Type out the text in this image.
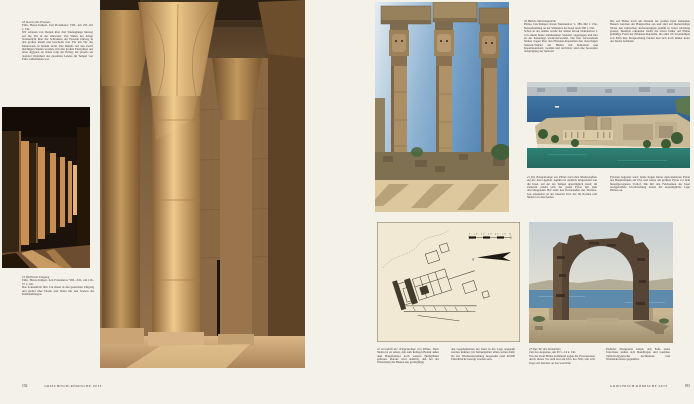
18 Inneres des Pronaos
Edfu, Horus-Tempel, Zeit Ptolemaios' VIII., um 150–116 v. Chr.
Wir schauen von Westen über drei Säulengänge hinweg auf die Tür in der Ostwand. Von Süden her dringt Sonnenlicht über die Schranken der Fassade hinweg in den großen Raum und bescheint dort Tür um Tür das Mauerwerk in hellem Licht. Die Reliefs auf den zwölf mächtigen Säulen wenden sich den großen Festzyklen des alten Ägypten zu; ihnen folgt der König, der jeweils als oberster Opferherr des gesamten Landes im Tempel von Edfu willkommen war.
19 Westlicher Umgang
Edfu, Horus-Tempel, Zeit Ptolemaios' VIII.–XII., um 116–57 v. Chr.
Das Sonnenlicht fällt von Osten in den gedeckten Umgang und gleitet über Decke und Wand mit den Szenen der Kulthandlungen.
192	GRIECHISCH-RÖMISCHE ZEIT
20 Hathor-Säulenkapitelle
Philae, Isis-Tempel, Kiosk Nektanebos' I., 380–362 v. Chr., Neuaufstellung an der Südspitze der Insel nach 300 v. Chr.
Schon in der Antike wurde der kleine Kiosk Nektanebos' I. von einem heute unbekannten Standort abgetragen und hier an der Kaianlage wiederverwendet. Die hier verwendeten Säulen tragen über den Pflanzen-Kapitellen den viereckigen Sistrum-Würfel der Hathor mit Kuhohren und Kapellenaufsatz; Gesims und Architrav sind eine besondere Ausprägung der Spätzeit.
Die auf Philae noch am Ostrand der großen Insel stehenden Bauten weichen der Hauptachse aus und sind auf merkwürdige Weise den kultischen Anforderungen gemäß in freier Ordnung gesetzt. Deutlich erkennbar bleibt die schon früher auf Philae geläufige Form der Pflanzen-Kapitelle, die einst im Stromtempel von Edfu ihre Entsprechung fanden und sich noch immer unter der Decke befinden.
21 Die Tempelanlage von Philae nach dem Wiederaufbau auf der Insel Agilkia. Agilkia ist deutlich umgestaltet wie die Insel, auf der der Tempel ursprünglich stand; im Zentrum erhebt sich der große Pylon mit dem davorliegenden Hof samt den Kolonnaden des Dromos. Gut erkennbar ist der innerste Teil, der im Norden und Süden von den beiden
Pylonen begrenzt wird; beide liegen hinter dem kleineren Pylon des Haupttempels am Ufer und weiter am größten Pylon vor dem hinaufgezogenen Vorhof. Die mit den Feldsteinen der Insel nachgebildete Uferböschung deutet die ursprüngliche Lage Philaes an.
0 10 20 30 40 50 m
N
22 Grundriß der Tempelanlage von Philae. Nach Süden ist zu sehen, daß zum heiligen Bezirk außer dem Haupttempel noch weitere Heiligtümer gehören. Daraus wird deutlich, daß bei der Umsetzung die Bauten nur geringfügig
den Gegebenheiten der Insel in der Lage angepaßt werden mußten; im Tempelgebiet allein sollen dafür bis zur Wiedereinweihung insgesamt rund 40.000 Einzelblöcke bewegt worden sein.
23 Das Tor des Diokletian
Zeit des Augustus, um 30 v.–14 n. Chr.
Von der Insel Philae kommend zogen die Prozessionen durch dieses Tor zum Kai am Ufer des Nils; alle acht Tage soll Isis hier an das westliche
Flußufer übergesetzt haben. Am Fuße eines Unterbaus stehen sich Rundbögen und Gesimse römisch-ägyptischer Architektur- und Wanddekoration gegenüber.
GRIECHISCH-RÖMISCHE ZEIT	193
